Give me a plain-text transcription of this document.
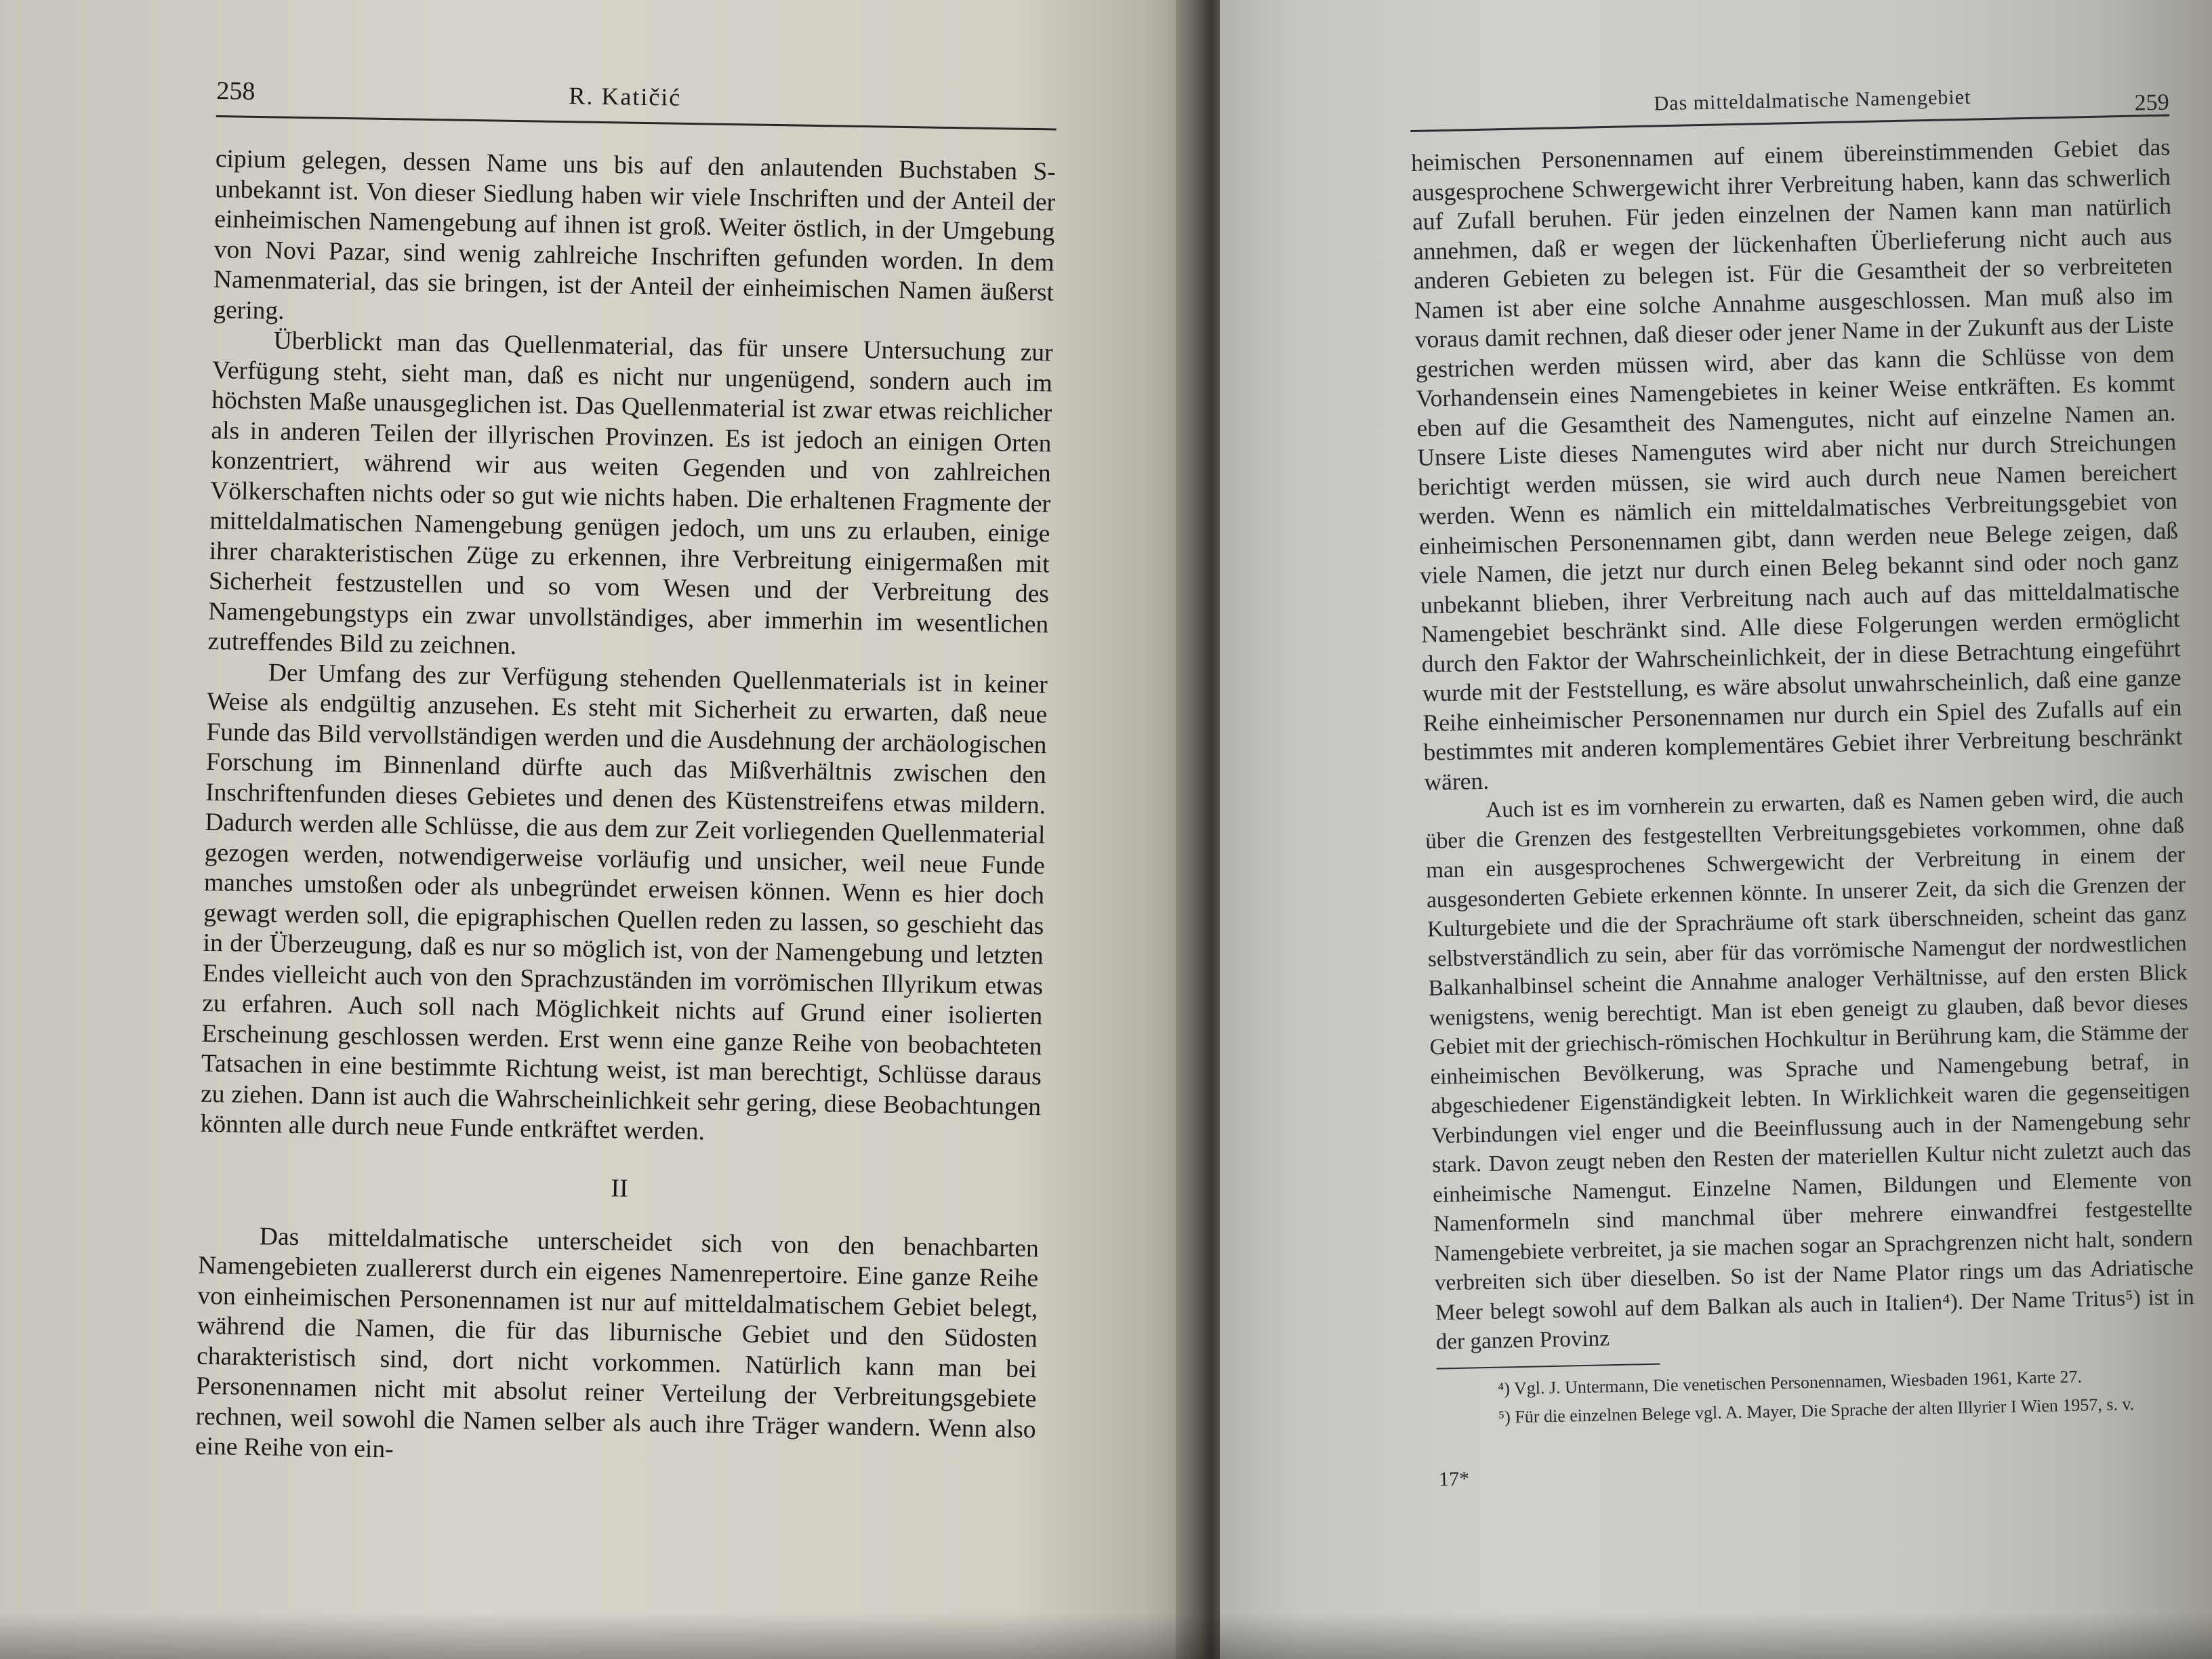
258	R. Katičić

cipium gelegen, dessen Name uns bis auf den anlautenden Buchstaben S- unbekannt ist. Von dieser Siedlung haben wir viele Inschriften und der Anteil der einheimischen Namengebung auf ihnen ist groß. Weiter östlich, in der Umgebung von Novi Pazar, sind wenig zahlreiche Inschriften gefunden worden. In dem Namenmaterial, das sie bringen, ist der Anteil der einheimischen Namen äußerst gering.

Überblickt man das Quellenmaterial, das für unsere Untersuchung zur Verfügung steht, sieht man, daß es nicht nur ungenügend, sondern auch im höchsten Maße unausgeglichen ist. Das Quellenmaterial ist zwar etwas reichlicher als in anderen Teilen der illyrischen Provinzen. Es ist jedoch an einigen Orten konzentriert, während wir aus weiten Gegenden und von zahlreichen Völkerschaften nichts oder so gut wie nichts haben. Die erhaltenen Fragmente der mitteldalmatischen Namengebung genügen jedoch, um uns zu erlauben, einige ihrer charakteristischen Züge zu erkennen, ihre Verbreitung einigermaßen mit Sicherheit festzustellen und so vom Wesen und der Verbreitung des Namengebungstyps ein zwar unvollständiges, aber immerhin im wesentlichen zutreffendes Bild zu zeichnen.

Der Umfang des zur Verfügung stehenden Quellenmaterials ist in keiner Weise als endgültig anzusehen. Es steht mit Sicherheit zu erwarten, daß neue Funde das Bild vervollständigen werden und die Ausdehnung der archäologischen Forschung im Binnenland dürfte auch das Mißverhältnis zwischen den Inschriftenfunden dieses Gebietes und denen des Küstenstreifens etwas mildern. Dadurch werden alle Schlüsse, die aus dem zur Zeit vorliegenden Quellenmaterial gezogen werden, notwendigerweise vorläufig und unsicher, weil neue Funde manches umstoßen oder als unbegründet erweisen können. Wenn es hier doch gewagt werden soll, die epigraphischen Quellen reden zu lassen, so geschieht das in der Überzeugung, daß es nur so möglich ist, von der Namengebung und letzten Endes vielleicht auch von den Sprachzuständen im vorrömischen Illyrikum etwas zu erfahren. Auch soll nach Möglichkeit nichts auf Grund einer isolierten Erscheinung geschlossen werden. Erst wenn eine ganze Reihe von beobachteten Tatsachen in eine bestimmte Richtung weist, ist man berechtigt, Schlüsse daraus zu ziehen. Dann ist auch die Wahrscheinlichkeit sehr gering, diese Beobachtungen könnten alle durch neue Funde entkräftet werden.

II

Das mitteldalmatische unterscheidet sich von den benachbarten Namengebieten zuallererst durch ein eigenes Namenrepertoire. Eine ganze Reihe von einheimischen Personennamen ist nur auf mitteldalmatischem Gebiet belegt, während die Namen, die für das liburnische Gebiet und den Südosten charakteristisch sind, dort nicht vorkommen. Natürlich kann man bei Personennamen nicht mit absolut reiner Verteilung der Verbreitungsgebiete rechnen, weil sowohl die Namen selber als auch ihre Träger wandern. Wenn also eine Reihe von ein-

Das mitteldalmatische Namengebiet	259

heimischen Personennamen auf einem übereinstimmenden Gebiet das ausgesprochene Schwergewicht ihrer Verbreitung haben, kann das schwerlich auf Zufall beruhen. Für jeden einzelnen der Namen kann man natürlich annehmen, daß er wegen der lückenhaften Überlieferung nicht auch aus anderen Gebieten zu belegen ist. Für die Gesamtheit der so verbreiteten Namen ist aber eine solche Annahme ausgeschlossen. Man muß also im voraus damit rechnen, daß dieser oder jener Name in der Zukunft aus der Liste gestrichen werden müssen wird, aber das kann die Schlüsse von dem Vorhandensein eines Namengebietes in keiner Weise entkräften. Es kommt eben auf die Gesamtheit des Namengutes, nicht auf einzelne Namen an. Unsere Liste dieses Namengutes wird aber nicht nur durch Streichungen berichtigt werden müssen, sie wird auch durch neue Namen bereichert werden. Wenn es nämlich ein mitteldalmatisches Verbreitungsgebiet von einheimischen Personennamen gibt, dann werden neue Belege zeigen, daß viele Namen, die jetzt nur durch einen Beleg bekannt sind oder noch ganz unbekannt blieben, ihrer Verbreitung nach auch auf das mitteldalmatische Namengebiet beschränkt sind. Alle diese Folgerungen werden ermöglicht durch den Faktor der Wahrscheinlichkeit, der in diese Betrachtung eingeführt wurde mit der Feststellung, es wäre absolut unwahrscheinlich, daß eine ganze Reihe einheimischer Personennamen nur durch ein Spiel des Zufalls auf ein bestimmtes mit anderen komplementäres Gebiet ihrer Verbreitung beschränkt wären.

Auch ist es im vornherein zu erwarten, daß es Namen geben wird, die auch über die Grenzen des festgestellten Verbreitungsgebietes vorkommen, ohne daß man ein ausgesprochenes Schwergewicht der Verbreitung in einem der ausgesonderten Gebiete erkennen könnte. In unserer Zeit, da sich die Grenzen der Kulturgebiete und die der Sprachräume oft stark überschneiden, scheint das ganz selbstverständlich zu sein, aber für das vorrömische Namengut der nordwestlichen Balkanhalbinsel scheint die Annahme analoger Verhältnisse, auf den ersten Blick wenigstens, wenig berechtigt. Man ist eben geneigt zu glauben, daß bevor dieses Gebiet mit der griechisch-römischen Hochkultur in Berührung kam, die Stämme der einheimischen Bevölkerung, was Sprache und Namengebung betraf, in abgeschiedener Eigenständigkeit lebten. In Wirklichkeit waren die gegenseitigen Verbindungen viel enger und die Beeinflussung auch in der Namengebung sehr stark. Davon zeugt neben den Resten der materiellen Kultur nicht zuletzt auch das einheimische Namengut. Einzelne Namen, Bildungen und Elemente von Namenformeln sind manchmal über mehrere einwandfrei festgestellte Namengebiete verbreitet, ja sie machen sogar an Sprachgrenzen nicht halt, sondern verbreiten sich über dieselben. So ist der Name Plator rings um das Adriatische Meer belegt sowohl auf dem Balkan als auch in Italien⁴). Der Name Tritus⁵) ist in der ganzen Provinz

⁴) Vgl. J. Untermann, Die venetischen Personennamen, Wiesbaden 1961, Karte 27.

⁵) Für die einzelnen Belege vgl. A. Mayer, Die Sprache der alten Illyrier I Wien 1957, s. v.

17*
